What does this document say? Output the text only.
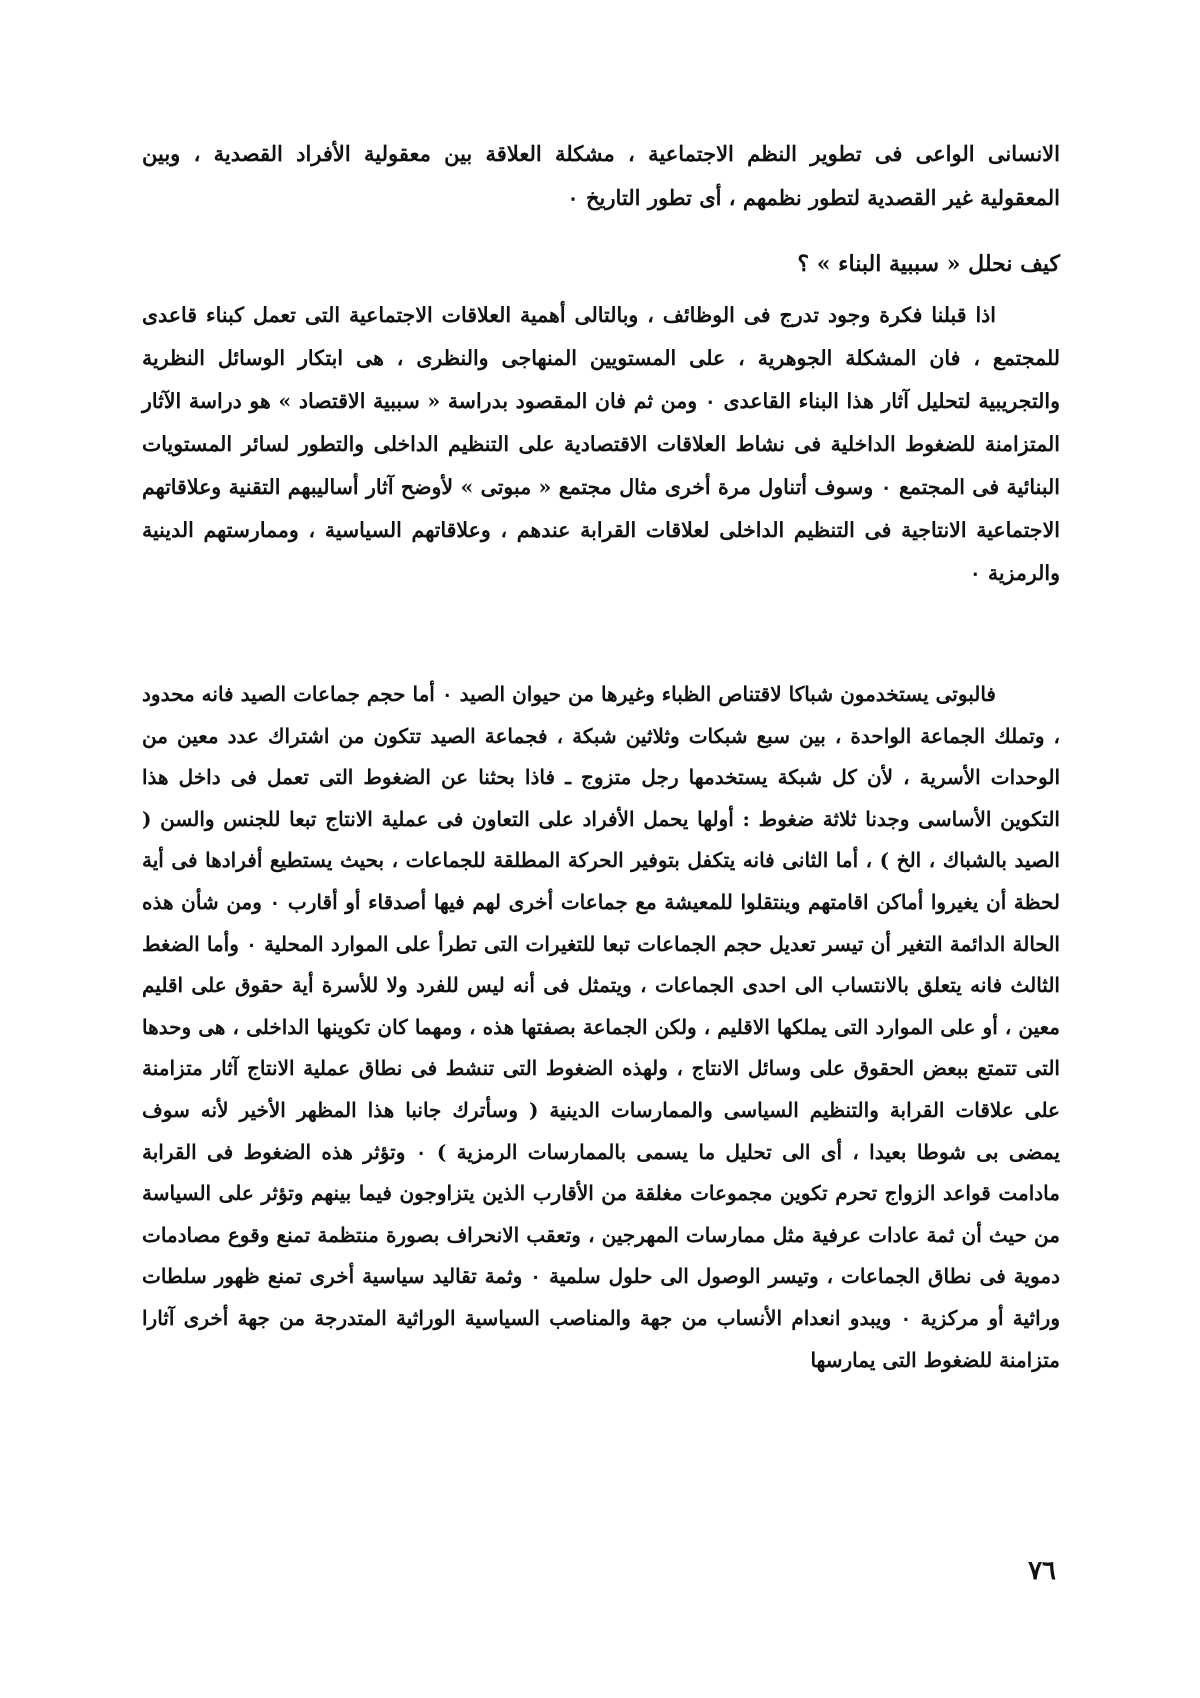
الانسانى الواعى فى تطوير النظم الاجتماعية ، مشكلة العلاقة بين معقولية الأفراد القصدية ، وبين المعقولية غير القصدية لتطور نظمهم ، أى تطور التاريخ ٠

كيف نحلل « سببية البناء » ؟

اذا قبلنا فكرة وجود تدرج فى الوظائف ، وبالتالى أهمية العلاقات الاجتماعية التى تعمل كبناء قاعدى للمجتمع ، فان المشكلة الجوهرية ، على المستويين المنهاجى والنظرى ، هى ابتكار الوسائل النظرية والتجريبية لتحليل آثار هذا البناء القاعدى ٠ ومن ثم فان المقصود بدراسة « سببية الاقتصاد » هو دراسة الآثار المتزامنة للضغوط الداخلية فى نشاط العلاقات الاقتصادية على التنظيم الداخلى والتطور لسائر المستويات البنائية فى المجتمع ٠ وسوف أتناول مرة أخرى مثال مجتمع « مبوتى » لأوضح آثار أساليبهم التقنية وعلاقاتهم الاجتماعية الانتاجية فى التنظيم الداخلى لعلاقات القرابة عندهم ، وعلاقاتهم السياسية ، وممارستهم الدينية والرمزية ٠

فالبوتى يستخدمون شباكا لاقتناص الظباء وغيرها من حيوان الصيد ٠ أما حجم جماعات الصيد فانه محدود ، وتملك الجماعة الواحدة ، بين سبع شبكات وثلاثين شبكة ، فجماعة الصيد تتكون من اشتراك عدد معين من الوحدات الأسرية ، لأن كل شبكة يستخدمها رجل متزوج ـ فاذا بحثنا عن الضغوط التى تعمل فى داخل هذا التكوين الأساسى وجدنا ثلاثة ضغوط : أولها يحمل الأفراد على التعاون فى عملية الانتاج تبعا للجنس والسن ( الصيد بالشباك ، الخ ) ، أما الثانى فانه يتكفل بتوفير الحركة المطلقة للجماعات ، بحيث يستطيع أفرادها فى أية لحظة أن يغيروا أماكن اقامتهم وينتقلوا للمعيشة مع جماعات أخرى لهم فيها أصدقاء أو أقارب ٠ ومن شأن هذه الحالة الدائمة التغير أن تيسر تعديل حجم الجماعات تبعا للتغيرات التى تطرأ على الموارد المحلية ٠ وأما الضغط الثالث فانه يتعلق بالانتساب الى احدى الجماعات ، ويتمثل فى أنه ليس للفرد ولا للأسرة أية حقوق على اقليم معين ، أو على الموارد التى يملكها الاقليم ، ولكن الجماعة بصفتها هذه ، ومهما كان تكوينها الداخلى ، هى وحدها التى تتمتع ببعض الحقوق على وسائل الانتاج ، ولهذه الضغوط التى تنشط فى نطاق عملية الانتاج آثار متزامنة على علاقات القرابة والتنظيم السياسى والممارسات الدينية ( وسأترك جانبا هذا المظهر الأخير لأنه سوف يمضى بى شوطا بعيدا ، أى الى تحليل ما يسمى بالممارسات الرمزية ) ٠ وتؤثر هذه الضغوط فى القرابة مادامت قواعد الزواج تحرم تكوين مجموعات مغلقة من الأقارب الذين يتزاوجون فيما بينهم وتؤثر على السياسة من حيث أن ثمة عادات عرفية مثل ممارسات المهرجين ، وتعقب الانحراف بصورة منتظمة تمنع وقوع مصادمات دموية فى نطاق الجماعات ، وتيسر الوصول الى حلول سلمية ٠ وثمة تقاليد سياسية أخرى تمنع ظهور سلطات وراثية أو مركزية ٠ ويبدو انعدام الأنساب من جهة والمناصب السياسية الوراثية المتدرجة من جهة أخرى آثارا متزامنة للضغوط التى يمارسها

٧٦
